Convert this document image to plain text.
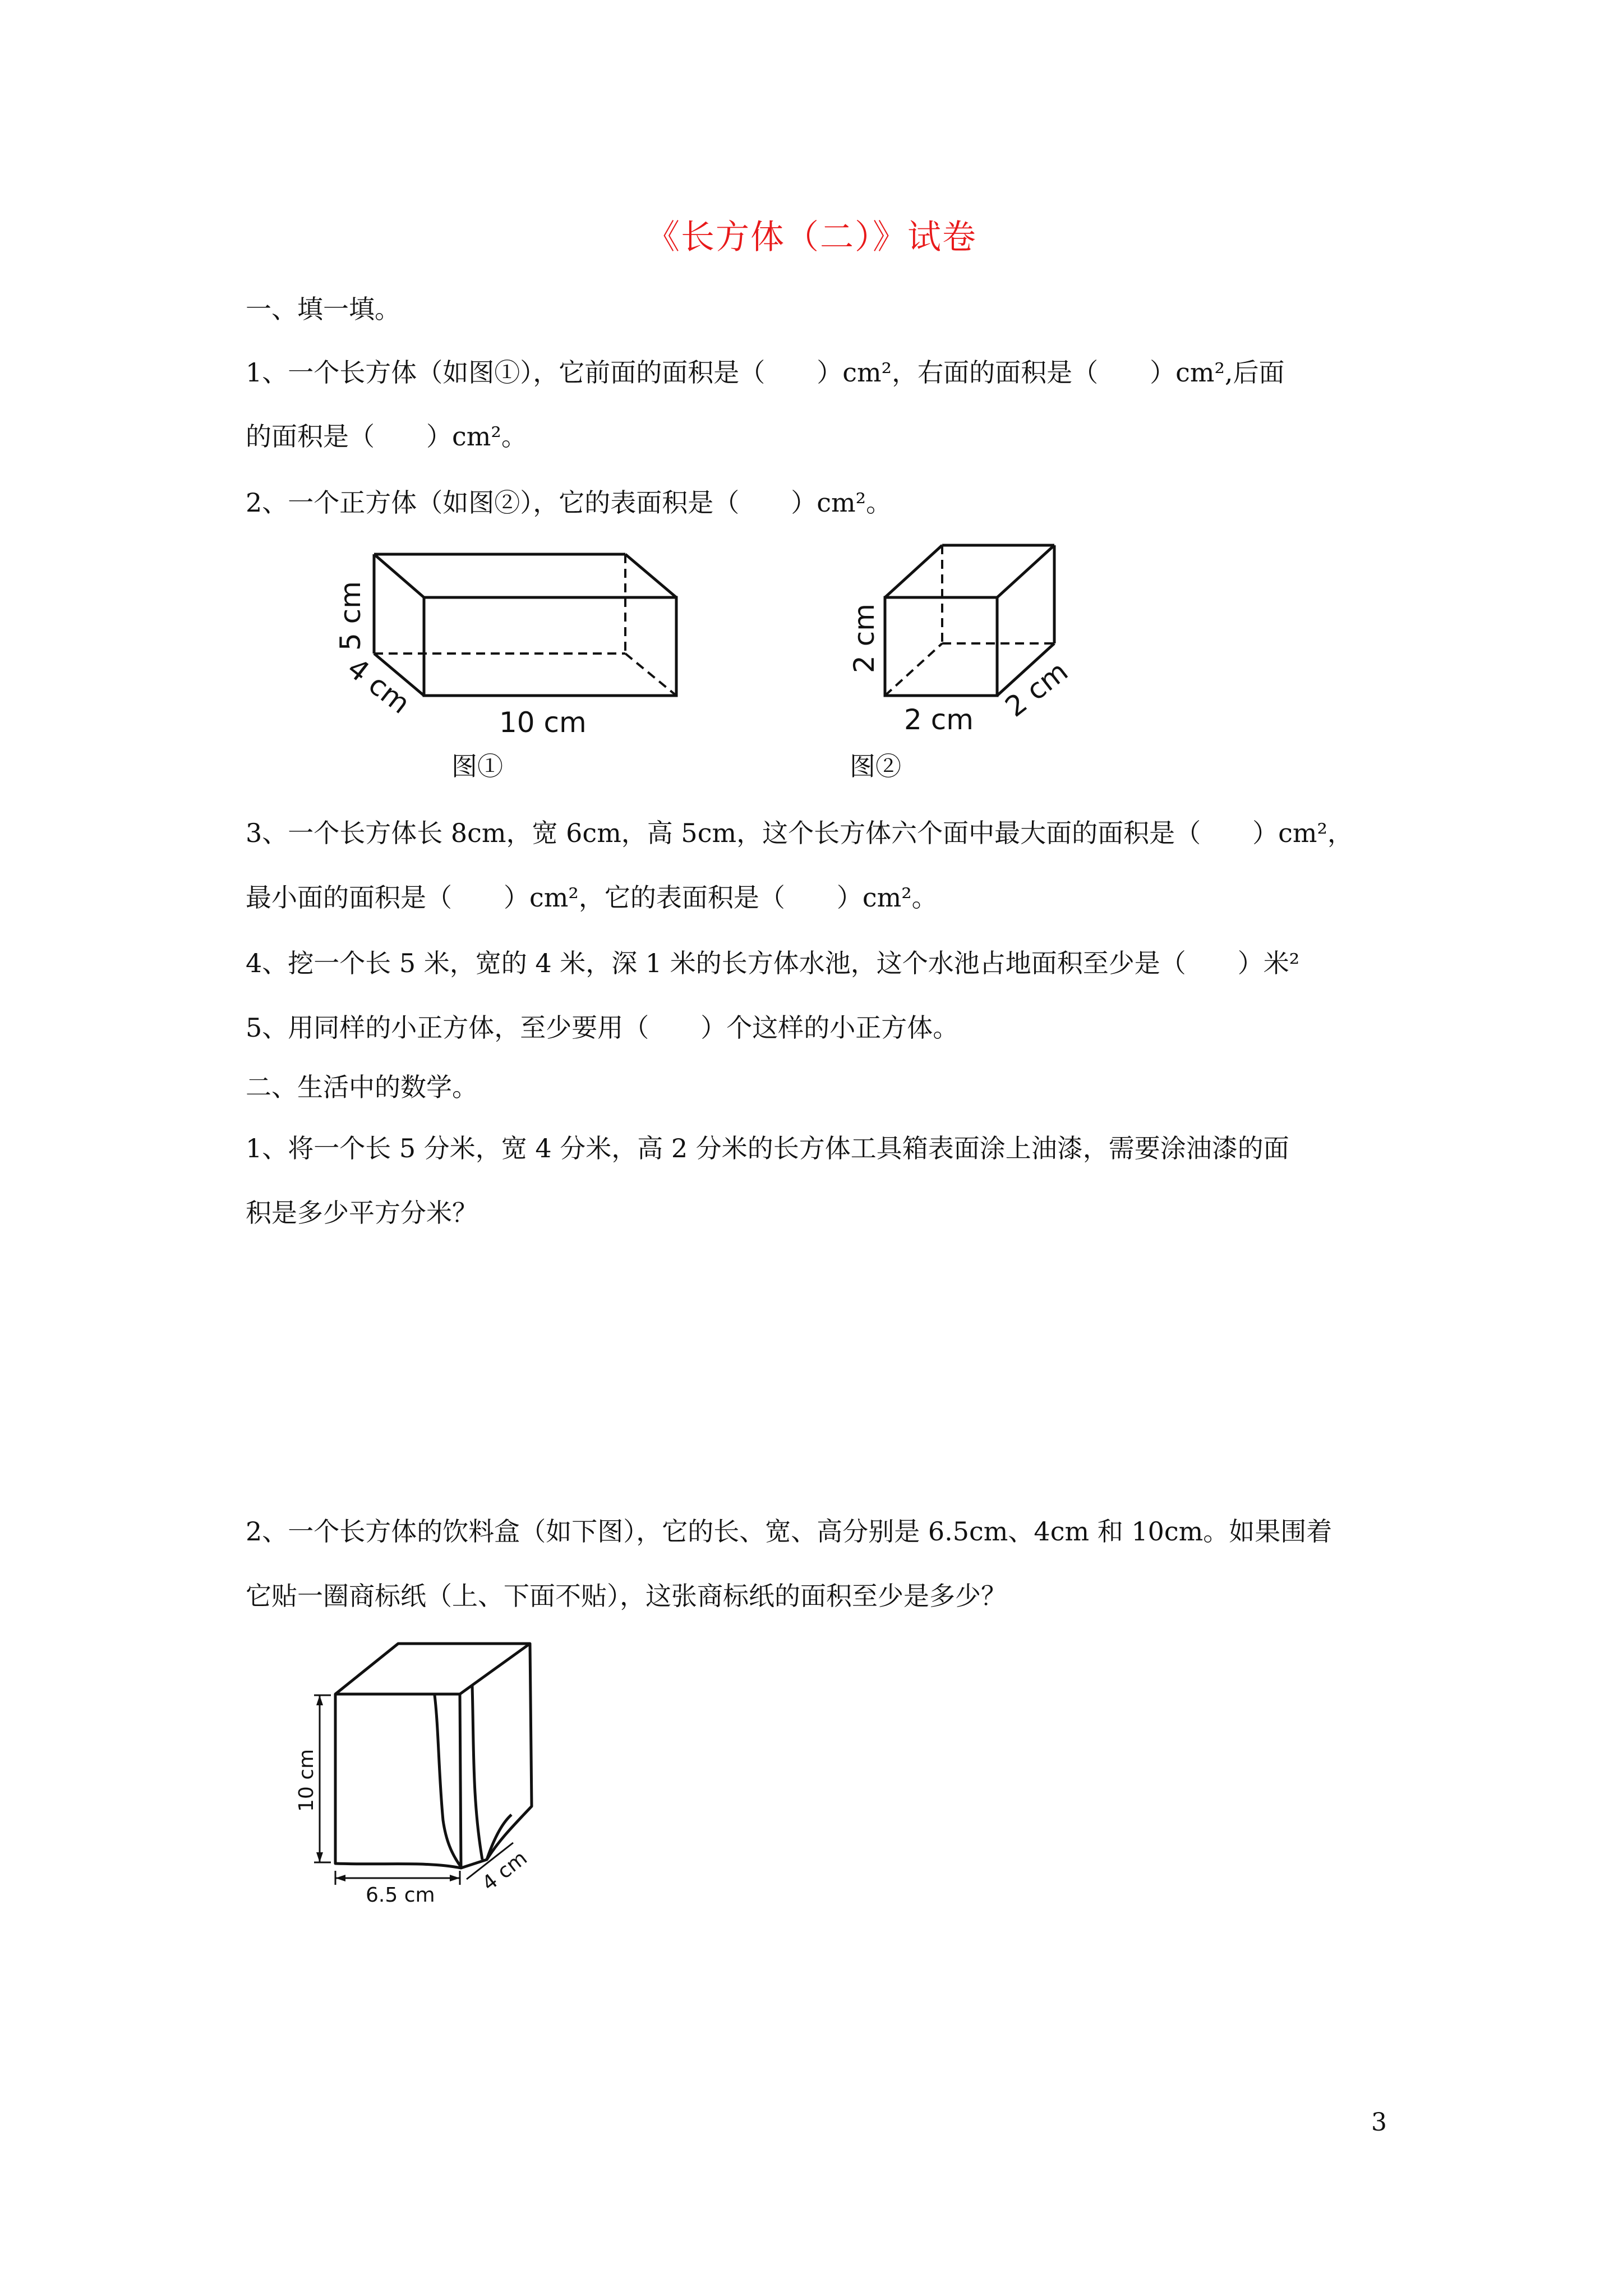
《长方体（二）》试卷
一、填一填。
1、一个长方体（如图①），它前面的面积是（　　）cm²，右面的面积是（　　）cm²,后面
的面积是（　　）cm²。
2、一个正方体（如图②），它的表面积是（　　）cm²。
5 cm
4 cm
10 cm
图①
2 cm
2 cm 2 cm
图②
3、一个长方体长 8cm，宽 6cm，高 5cm，这个长方体六个面中最大面的面积是（　　）cm²，
最小面的面积是（　　）cm²，它的表面积是（　　）cm²。
4、挖一个长 5 米，宽的 4 米，深 1 米的长方体水池，这个水池占地面积至少是（　　）米²
5、用同样的小正方体，至少要用（　　）个这样的小正方体。
二、生活中的数学。
1、将一个长 5 分米，宽 4 分米，高 2 分米的长方体工具箱表面涂上油漆，需要涂油漆的面
积是多少平方分米？
2、一个长方体的饮料盒（如下图），它的长、宽、高分别是 6.5cm、4cm 和 10cm。如果围着
它贴一圈商标纸（上、下面不贴），这张商标纸的面积至少是多少？
10 cm
6.5 cm 4 cm
3
